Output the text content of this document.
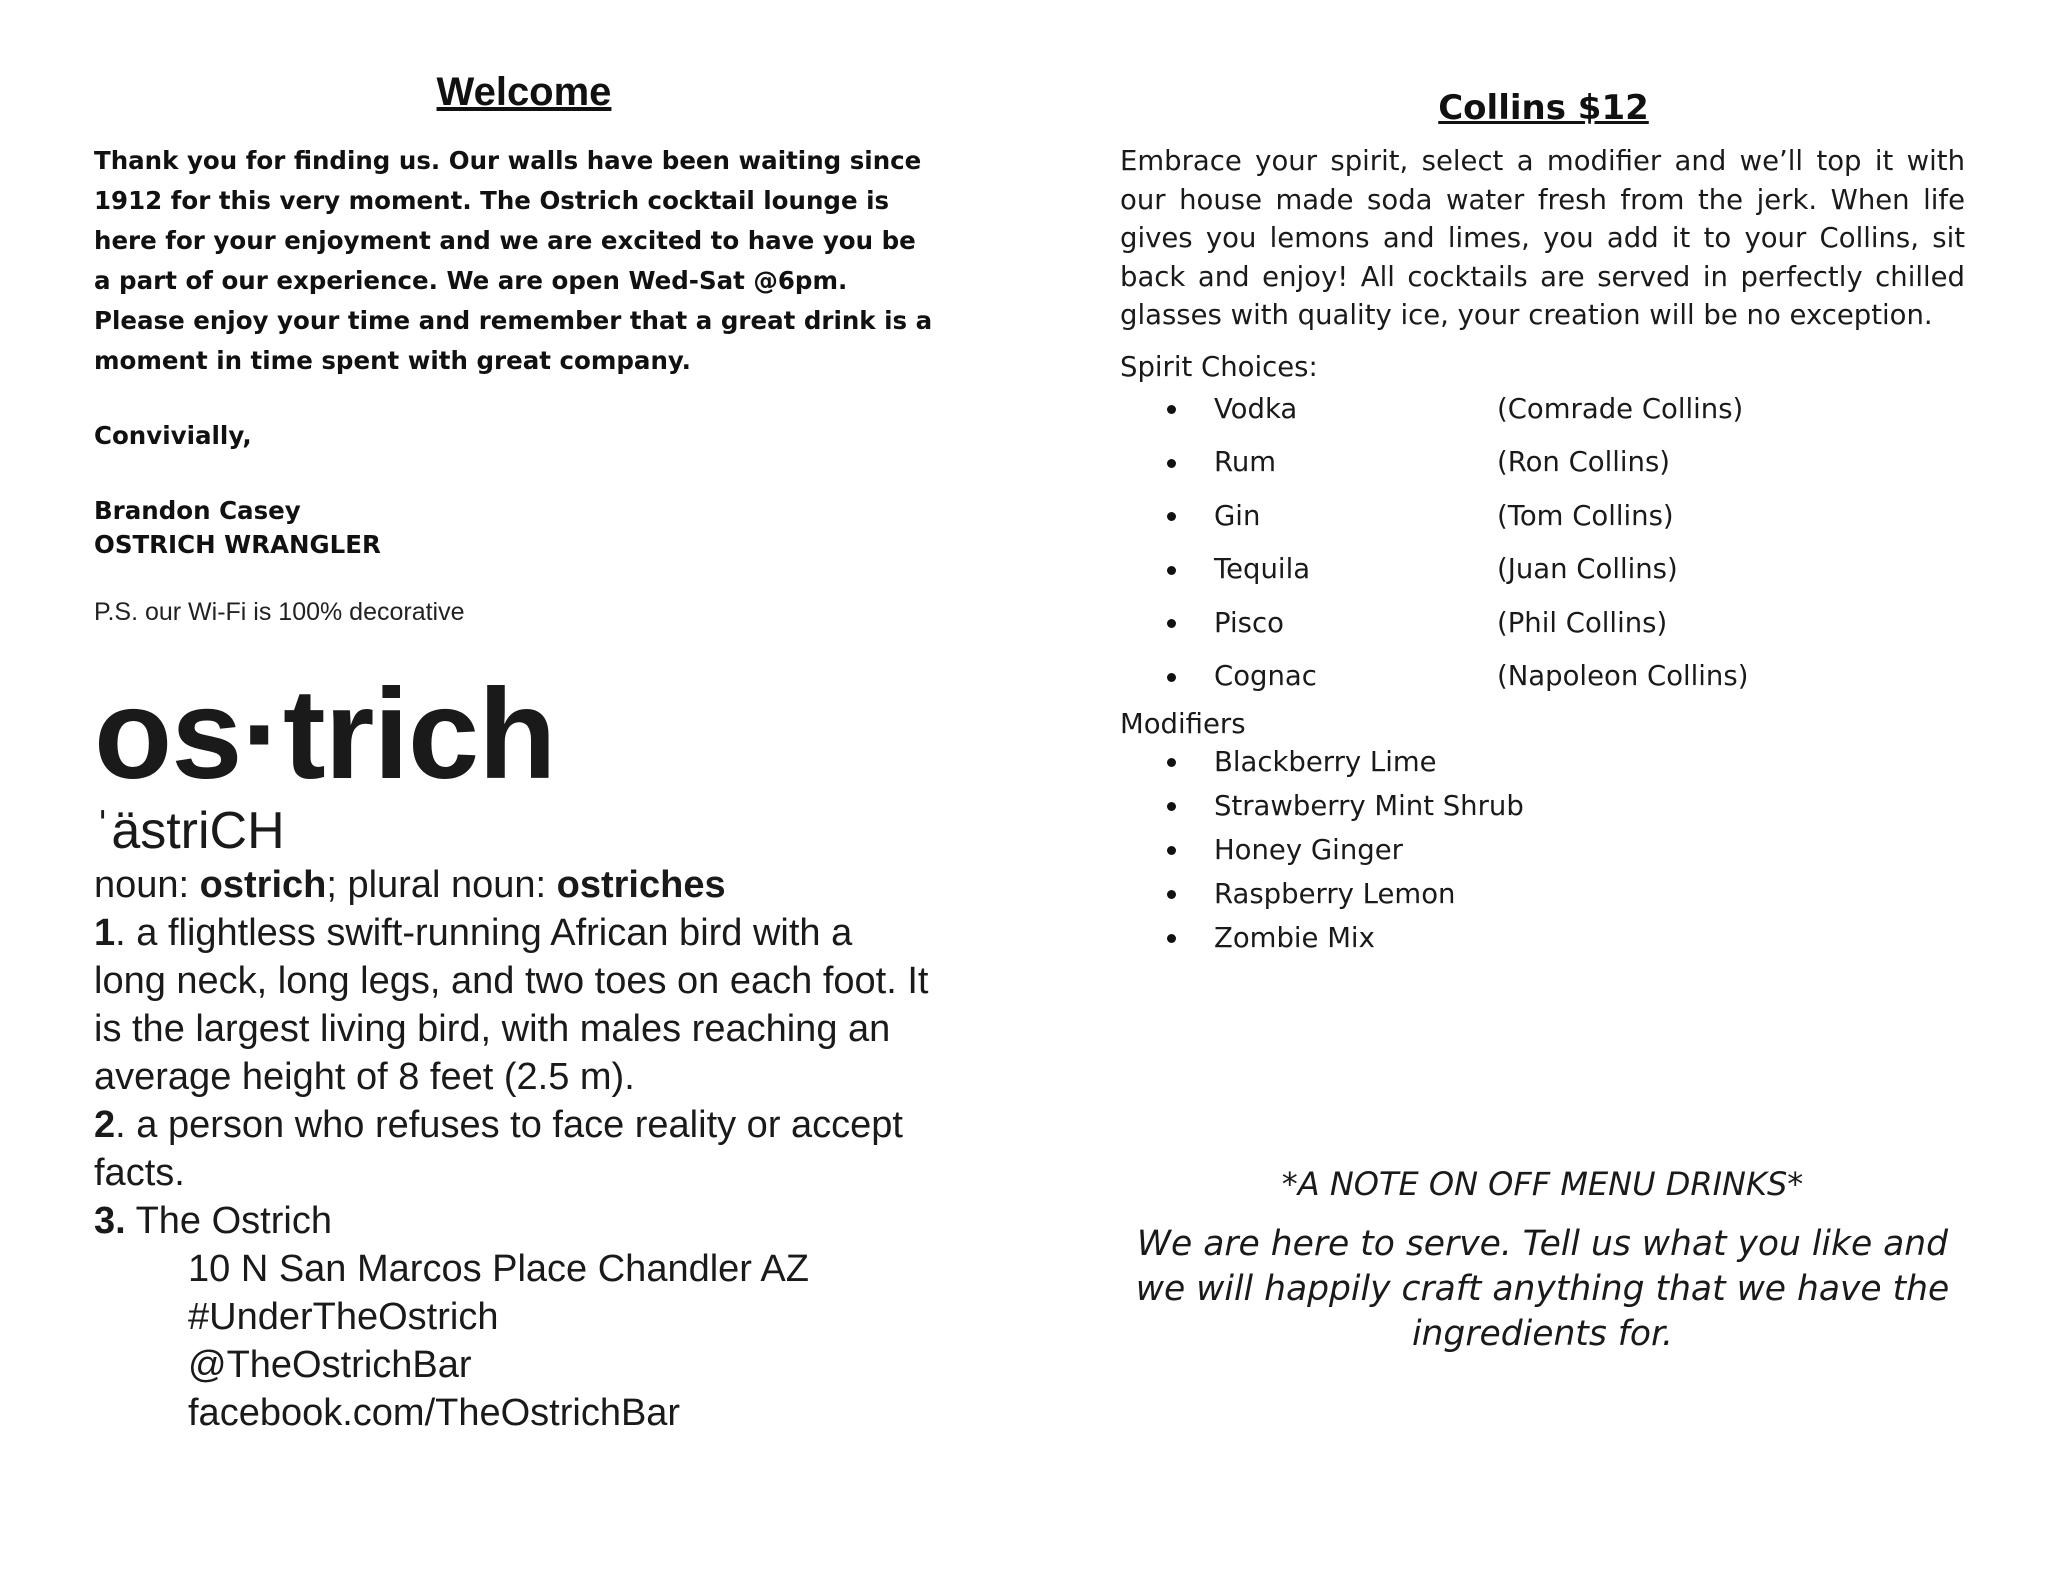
Welcome

Thank you for finding us. Our walls have been waiting since 1912 for this very moment. The Ostrich cocktail lounge is here for your enjoyment and we are excited to have you be a part of our experience. We are open Wed-Sat @6pm. Please enjoy your time and remember that a great drink is a moment in time spent with great company.

Convivially,
Brandon Casey
OSTRICH WRANGLER
P.S. our Wi-Fi is 100% decorative
os·trich
ˈästriCH
noun: ostrich; plural noun: ostriches
1. a flightless swift-running African bird with a long neck, long legs, and two toes on each foot. It is the largest living bird, with males reaching an average height of 8 feet (2.5 m).
2. a person who refuses to face reality or accept facts.
3. The Ostrich
10 N San Marcos Place Chandler AZ
#UnderTheOstrich
@TheOstrichBar
facebook.com/TheOstrichBar
Collins $12

Embrace your spirit, select a modifier and we’ll top it with our house made soda water fresh from the jerk. When life gives you lemons and limes, you add it to your Collins, sit back and enjoy! All cocktails are served in perfectly chilled glasses with quality ice, your creation will be no exception.

Spirit Choices:
Vodka	(Comrade Collins)
Rum	(Ron Collins)
Gin	(Tom Collins)
Tequila	(Juan Collins)
Pisco	(Phil Collins)
Cognac	(Napoleon Collins)
Modifiers
Blackberry Lime
Strawberry Mint Shrub
Honey Ginger
Raspberry Lemon
Zombie Mix
*A NOTE ON OFF MENU DRINKS*
We are here to serve. Tell us what you like and we will happily craft anything that we have the ingredients for.
